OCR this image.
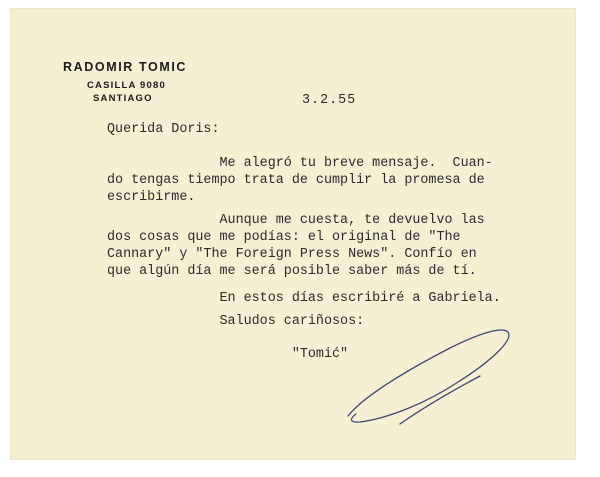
RADOMIR TOMIC
CASILLA 9080
SANTIAGO	3.2.55
Querida Doris:
Me alegró tu breve mensaje.  Cuan-
do tengas tiempo trata de cumplir la promesa de
escribirme.
Aunque me cuesta, te devuelvo las
dos cosas que me podías: el original de "The
Cannary" y "The Foreign Press News". Confío en
que algún día me será posible saber más de tí.
En estos días escribiré a Gabriela.
Saludos cariñosos:
"Tomić"
